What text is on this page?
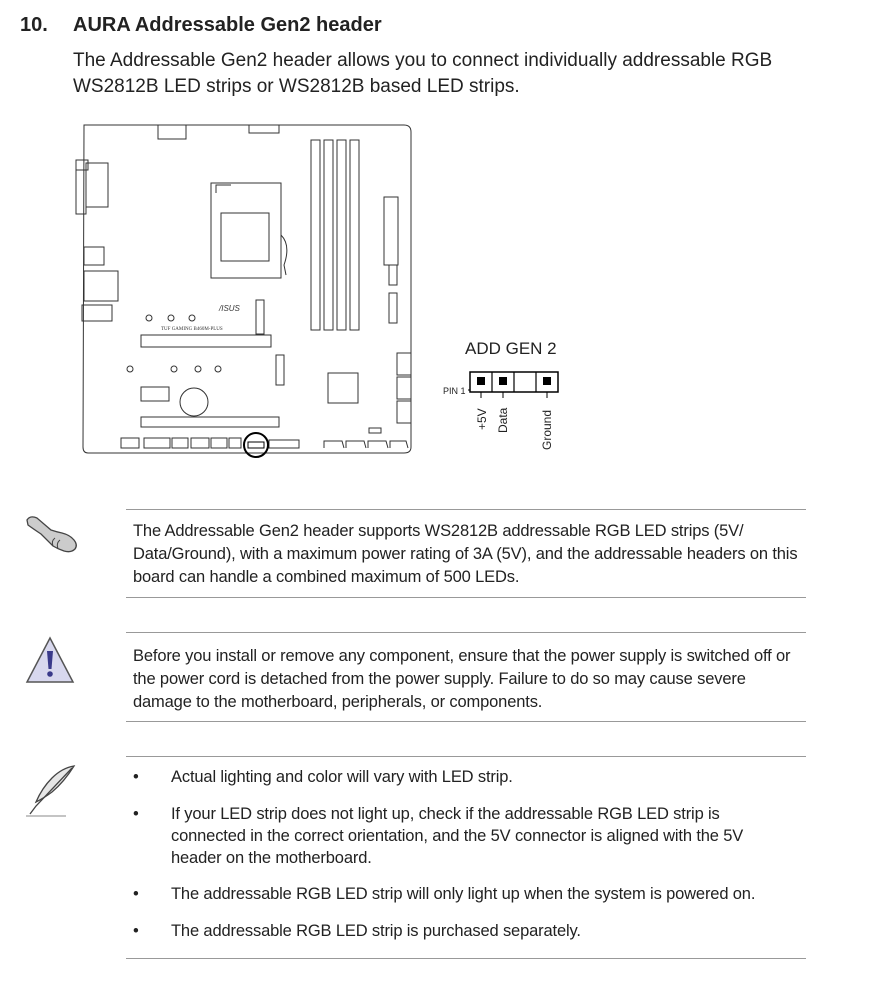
10. AURA Addressable Gen2 header
The Addressable Gen2 header allows you to connect individually addressable RGB WS2812B LED strips or WS2812B based LED strips.
/ISUS
TUF GAMING B460M-PLUS
ADD GEN 2
PIN 1
+5V Data	Ground
The Addressable Gen2 header supports WS2812B addressable RGB LED strips (5V/ Data/Ground), with a maximum power rating of 3A (5V), and the addressable headers on this board can handle a combined maximum of 500 LEDs.
Before you install or remove any component, ensure that the power supply is switched off or the power cord is detached from the power supply. Failure to do so may cause severe damage to the motherboard, peripherals, or components.
• Actual lighting and color will vary with LED strip.
• If your LED strip does not light up, check if the addressable RGB LED strip is connected in the correct orientation, and the 5V connector is aligned with the 5V header on the motherboard.
• The addressable RGB LED strip will only light up when the system is powered on.
• The addressable RGB LED strip is purchased separately.
